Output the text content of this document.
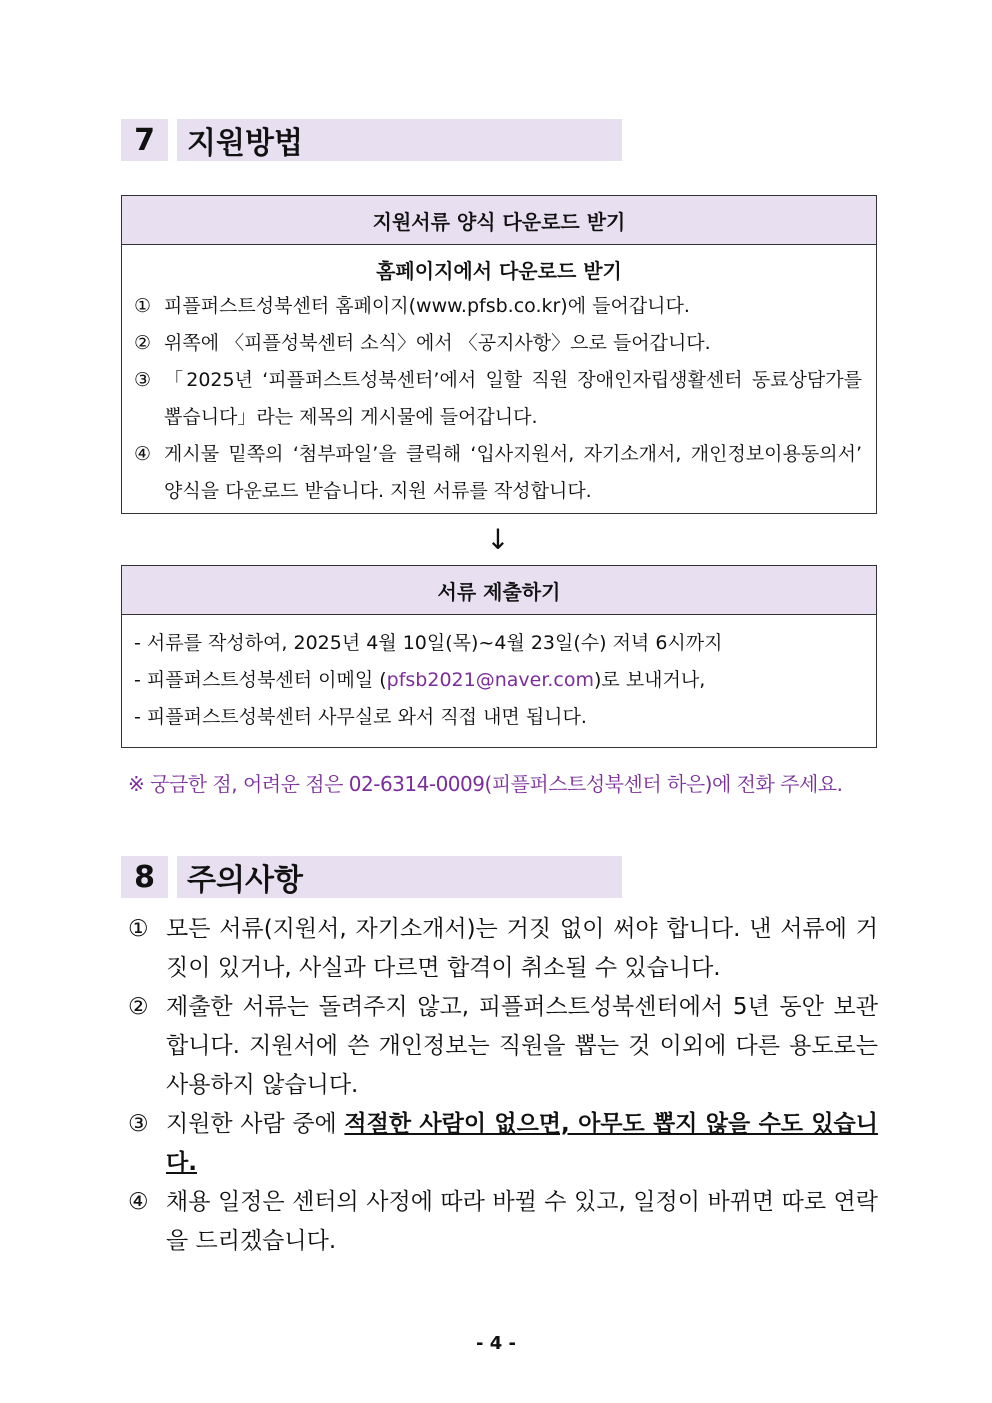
7	지원방법
지원서류 양식 다운로드 받기
홈페이지에서 다운로드 받기
① 피플퍼스트성북센터 홈페이지(www.pfsb.co.kr)에 들어갑니다.
② 위쪽에 〈피플성북센터 소식〉에서 〈공지사항〉으로 들어갑니다.
③ 「2025년 ‘피플퍼스트성북센터’에서 일할 직원 장애인자립생활센터 동료상담가를 뽑습니다」라는 제목의 게시물에 들어갑니다.
④ 게시물 밑쪽의 ‘첨부파일’을 클릭해 ‘입사지원서, 자기소개서, 개인정보이용동의서’ 양식을 다운로드 받습니다. 지원 서류를 작성합니다.
↓
서류 제출하기
- 서류를 작성하여, 2025년 4월 10일(목)~4월 23일(수) 저녁 6시까지
- 피플퍼스트성북센터 이메일 (pfsb2021@naver.com)로 보내거나,
- 피플퍼스트성북센터 사무실로 와서 직접 내면 됩니다.
※ 궁금한 점, 어려운 점은 02-6314-0009(피플퍼스트성북센터 하은)에 전화 주세요.
8	주의사항
① 모든 서류(지원서, 자기소개서)는 거짓 없이 써야 합니다. 낸 서류에 거짓이 있거나, 사실과 다르면 합격이 취소될 수 있습니다.
② 제출한 서류는 돌려주지 않고, 피플퍼스트성북센터에서 5년 동안 보관합니다. 지원서에 쓴 개인정보는 직원을 뽑는 것 이외에 다른 용도로는 사용하지 않습니다.
③ 지원한 사람 중에 적절한 사람이 없으면, 아무도 뽑지 않을 수도 있습니다.
④ 채용 일정은 센터의 사정에 따라 바뀔 수 있고, 일정이 바뀌면 따로 연락을 드리겠습니다.
- 4 -
